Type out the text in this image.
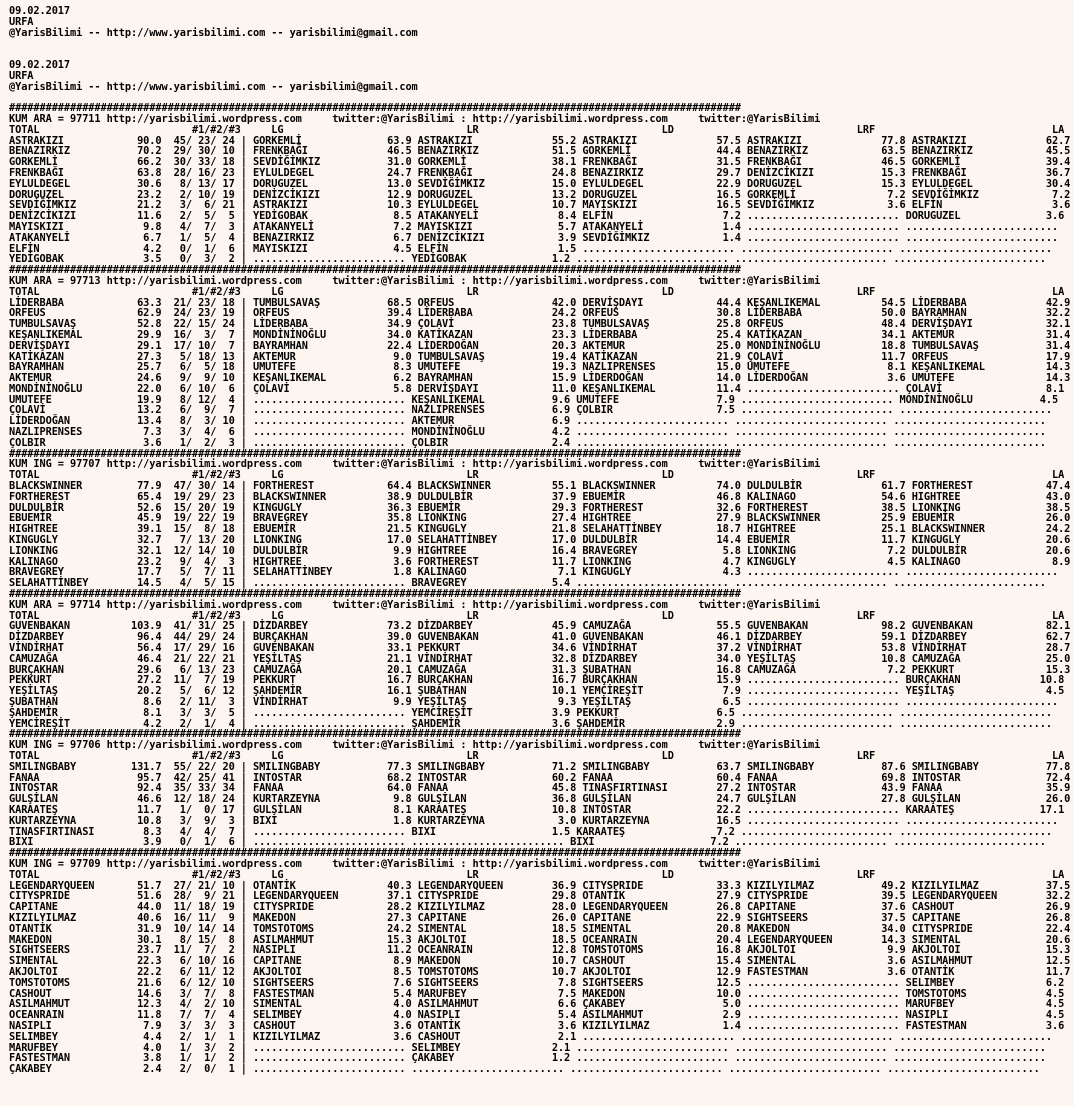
09.02.2017
URFA
@YarisBilimi -- http://www.yarisbilimi.com -- yarisbilimi@gmail.com
09.02.2017
URFA
@YarisBilimi -- http://www.yarisbilimi.com -- yarisbilimi@gmail.com
########################################################################################################################
KUM ARA = 97711 http://yarisbilimi.wordpress.com     twitter:@YarisBilimi : http://yarisbilimi.wordpress.com     twitter:@YarisBilimi
TOTAL                         #1/#2/#3     LG                              LR                              LD                              LRF                             LA
ASTRAKIZI            90.0  45/ 23/ 24 | GORKEMLİ              63.9 ASTRAKIZI             55.2 ASTRAKIZI             57.5 ASTRAKIZI             77.8 ASTRAKIZI             62.7
BENAZIRKIZ           70.2  29/ 30/ 10 | FRENKBAĞI             46.5 BENAZIRKIZ            51.5 GORKEMLİ              44.4 BENAZIRKIZ            63.5 BENAZIRKIZ            45.5
GORKEMLİ             66.2  30/ 33/ 18 | SEVDİĞİMKIZ           31.0 GORKEMLİ              38.1 FRENKBAĞI             31.5 FRENKBAĞI             46.5 GORKEMLİ              39.4
FRENKBAĞI            63.8  28/ 16/ 23 | EYLULDEGEL            24.7 FRENKBAĞI             24.8 BENAZIRKIZ            29.7 DENİZCİKIZI           15.3 FRENKBAĞI             36.7
EYLULDEGEL           30.6   8/ 13/ 17 | DORUGUZEL             13.0 SEVDİĞİMKIZ           15.0 EYLULDEGEL            22.9 DORUGUZEL             15.3 EYLULDEGEL            30.4
DORUGUZEL            23.2   2/ 10/ 19 | DENİZCİKIZI           12.9 DORUGUZEL             13.2 DORUGUZEL             16.5 GORKEMLİ               7.2 SEVDİĞİMKIZ            7.2
SEVDİĞİMKIZ          21.2   3/  6/ 21 | ASTRAKIZI             10.3 EYLULDEGEL            10.7 MAYISKIZI             16.5 SEVDİĞİMKIZ            3.6 ELFİN                  3.6
DENİZCİKIZI          11.6   2/  5/  5 | YEDİGOBAK              8.5 ATAKANYELİ             8.4 ELFİN                  7.2 ......................... DORUGUZEL              3.6
MAYISKIZI             9.8   4/  7/  3 | ATAKANYELİ             7.2 MAYISKIZI              5.7 ATAKANYELİ             1.4 ......................... .........................
ATAKANYELİ            6.7   1/  5/  4 | BENAZIRKIZ             6.7 DENİZCİKIZI            3.9 SEVDİĞİMKIZ            1.4 ......................... .........................
ELFİN                 4.2   0/  1/  6 | MAYISKIZI              4.5 ELFİN                  1.5 ......................... ......................... .........................
YEDİGOBAK             3.5   0/  3/  2 | ......................... YEDİGOBAK              1.2 ......................... ......................... .........................
########################################################################################################################
KUM ARA = 97713 http://yarisbilimi.wordpress.com     twitter:@YarisBilimi : http://yarisbilimi.wordpress.com     twitter:@YarisBilimi
TOTAL                         #1/#2/#3     LG                              LR                              LD                              LRF                             LA
LİDERBABA            63.3  21/ 23/ 18 | TUMBULSAVAŞ           68.5 ORFEUS                42.0 DERVİŞDAYI            44.4 KEŞANLIKEMAL          54.5 LİDERBABA             42.9
ORFEUS               62.9  24/ 23/ 19 | ORFEUS                39.4 LİDERBABA             24.2 ORFEUS                30.8 LİDERBABA             50.0 BAYRAMHAN             32.2
TUMBULSAVAŞ          52.8  22/ 15/ 24 | LİDERBABA             34.9 ÇOLAVİ                23.8 TUMBULSAVAŞ           25.8 ORFEUS                48.4 DERVİŞDAYI            32.1
KEŞANLIKEMAL         29.9  16/  3/  7 | MONDİNİNOĞLU          34.0 KATİKAZAN             23.3 LİDERBABA             25.4 KATİKAZAN             34.1 AKTEMUR               31.4
DERVİŞDAYI           29.1  17/ 10/  7 | BAYRAMHAN             22.4 LİDERDOĞAN            20.3 AKTEMUR               25.0 MONDİNİNOĞLU          18.8 TUMBULSAVAŞ           31.4
KATİKAZAN            27.3   5/ 18/ 13 | AKTEMUR                9.0 TUMBULSAVAŞ           19.4 KATİKAZAN             21.9 ÇOLAVİ                11.7 ORFEUS                17.9
BAYRAMHAN            25.7   6/  5/ 18 | UMUTEFE                8.3 UMUTEFE               19.3 NAZLIPRENSES          15.0 UMUTEFE                8.1 KEŞANLIKEMAL          14.3
AKTEMUR              24.6   9/  9/ 10 | KEŞANLIKEMAL           6.2 BAYRAMHAN             15.9 LİDERDOĞAN            14.0 LİDERDOĞAN             3.6 UMUTEFE               14.3
MONDİNİNOĞLU         22.0   6/ 10/  6 | ÇOLAVİ                 5.8 DERVİŞDAYI            11.0 KEŞANLIKEMAL          11.4 ......................... ÇOLAVİ                 8.1
UMUTEFE              19.9   8/ 12/  4 | ......................... KEŞANLIKEMAL           9.6 UMUTEFE                7.9 ......................... MONDİNİNOĞLU           4.5
ÇOLAVİ               13.2   6/  9/  7 | ......................... NAZLIPRENSES           6.9 ÇOLBIR                 7.5 ......................... .........................
LİDERDOĞAN           13.4   8/  3/ 10 | ......................... AKTEMUR                6.9 ......................... ......................... .........................
NAZLIPRENSES          7.3   3/  4/  6 | ......................... MONDİNİNOĞLU           4.2 ......................... ......................... .........................
ÇOLBIR                3.6   1/  2/  3 | ......................... ÇOLBIR                 2.4 ......................... ......................... .........................
########################################################################################################################
KUM ING = 97707 http://yarisbilimi.wordpress.com     twitter:@YarisBilimi : http://yarisbilimi.wordpress.com     twitter:@YarisBilimi
TOTAL                         #1/#2/#3     LG                              LR                              LD                              LRF                             LA
BLACKSWINNER         77.9  47/ 30/ 14 | FORTHEREST            64.4 BLACKSWINNER          55.1 BLACKSWINNER          74.0 DULDULBİR             61.7 FORTHEREST            47.4
FORTHEREST           65.4  19/ 29/ 23 | BLACKSWINNER          38.9 DULDULBİR             37.9 EBUEMİR               46.8 KALINAGO              54.6 HIGHTREE              43.0
DULDULBİR            52.6  15/ 20/ 19 | KINGUGLY              36.3 EBUEMİR               29.3 FORTHEREST            32.6 FORTHEREST            38.5 LIONKING              38.5
EBUEMİR              45.9  19/ 22/ 19 | BRAVEGREY             35.8 LIONKING              27.4 HIGHTREE              27.9 BLACKSWINNER          25.9 EBUEMİR               26.0
HIGHTREE             39.1  15/  8/ 18 | EBUEMİR               21.5 KINGUGLY              21.8 SELAHATTİNBEY         18.7 HIGHTREE              25.1 BLACKSWINNER          24.2
KINGUGLY             32.7   7/ 13/ 20 | LIONKING              17.0 SELAHATTİNBEY         17.0 DULDULBİR             14.4 EBUEMİR               11.7 KINGUGLY              20.6
LIONKING             32.1  12/ 14/ 10 | DULDULBİR              9.9 HIGHTREE              16.4 BRAVEGREY              5.8 LIONKING               7.2 DULDULBİR             20.6
KALINAGO             23.2   9/  4/  3 | HIGHTREE               3.6 FORTHEREST            11.7 LIONKING               4.7 KINGUGLY               4.5 KALINAGO               8.9
BRAVEGREY            17.7   5/  7/ 11 | SELAHATTİNBEY          1.8 KALINAGO               7.1 KINGUGLY               4.3 ......................... .........................
SELAHATTİNBEY        14.5   4/  5/ 15 | ......................... BRAVEGREY              5.4 ......................... ......................... .........................
########################################################################################################################
KUM ARA = 97714 http://yarisbilimi.wordpress.com     twitter:@YarisBilimi : http://yarisbilimi.wordpress.com     twitter:@YarisBilimi
TOTAL                         #1/#2/#3     LG                              LR                              LD                              LRF                             LA
GUVENBAKAN          103.9  41/ 31/ 25 | DİZDARBEY             73.2 DİZDARBEY             45.9 CAMUZAĞA              55.5 GUVENBAKAN            98.2 GUVENBAKAN            82.1
DİZDARBEY            96.4  44/ 29/ 24 | BURÇAKHAN             39.0 GUVENBAKAN            41.0 GUVENBAKAN            46.1 DİZDARBEY             59.1 DİZDARBEY             62.7
VİNDİRHAT            56.4  17/ 29/ 16 | GUVENBAKAN            33.1 PEKKURT               34.6 VİNDİRHAT             37.2 VİNDİRHAT             53.8 VİNDİRHAT             28.7
CAMUZAĞA             46.4  21/ 22/ 21 | YEŞİLTAŞ              21.1 VİNDİRHAT             32.8 DİZDARBEY             34.0 YEŞİLTAŞ              10.8 CAMUZAĞA              25.0
BURÇAKHAN            29.6   6/ 13/ 23 | CAMUZAĞA              20.1 CAMUZAĞA              31.3 ŞUBATHAN              16.8 CAMUZAĞA               7.2 PEKKURT               15.3
PEKKURT              27.2  11/  7/ 19 | PEKKURT               16.7 BURÇAKHAN             16.7 BURÇAKHAN             15.9 ......................... BURÇAKHAN             10.8
YEŞİLTAŞ             20.2   5/  6/ 12 | ŞAHDEMİR              16.1 ŞUBATHAN              10.1 YEMCİREŞİT             7.9 ......................... YEŞİLTAŞ               4.5
ŞUBATHAN              8.6   2/ 11/  3 | VİNDİRHAT              9.9 YEŞİLTAŞ               9.3 YEŞİLTAŞ               6.5 ......................... .........................
ŞAHDEMİR              8.1   3/  3/  5 | ......................... YEMCİREŞİT             3.9 PEKKURT                6.5 ......................... .........................
YEMCİREŞİT            4.2   2/  1/  4 | ......................... ŞAHDEMİR               3.6 ŞAHDEMİR               2.9 ......................... .........................
########################################################################################################################
KUM ING = 97706 http://yarisbilimi.wordpress.com     twitter:@YarisBilimi : http://yarisbilimi.wordpress.com     twitter:@YarisBilimi
TOTAL                         #1/#2/#3     LG                              LR                              LD                              LRF                             LA
SMILINGBABY         131.7  55/ 22/ 20 | SMILINGBABY           77.3 SMILINGBABY           71.2 SMILINGBABY           63.7 SMILINGBABY           87.6 SMILINGBABY           77.8
FANAA                95.7  42/ 25/ 41 | INTOSTAR              68.2 INTOSTAR              60.2 FANAA                 60.4 FANAA                 69.8 INTOSTAR              72.4
INTOSTAR             92.4  35/ 33/ 34 | FANAA                 64.0 FANAA                 45.8 TINASFIRTINASI        27.2 INTOSTAR              43.9 FANAA                 35.9
GULŞİLAN             46.6  12/ 18/ 24 | KURTARZEYNA            9.8 GULŞİLAN              36.8 GULŞİLAN              24.7 GULŞİLAN              27.8 GULŞİLAN              26.0
KARAATEŞ             11.7   1/  0/ 17 | GULŞİLAN               8.1 KARAATEŞ              10.8 INTOSTAR              22.2 ......................... KARAATEŞ              17.1
KURTARZEYNA          10.8   3/  9/  3 | BIXI                   1.8 KURTARZEYNA            3.0 KURTARZEYNA           16.5 ......................... .........................
TINASFIRTINASI        8.3   4/  4/  7 | ......................... BIXI                   1.5 KARAATEŞ               7.2 ......................... .........................
BIXI                  3.9   0/  1/  6 | ......................... ......................... BIXI                   7.2 ......................... .........................
########################################################################################################################
KUM ING = 97709 http://yarisbilimi.wordpress.com     twitter:@YarisBilimi : http://yarisbilimi.wordpress.com     twitter:@YarisBilimi
TOTAL                         #1/#2/#3     LG                              LR                              LD                              LRF                             LA
LEGENDARYQUEEN       51.7  27/ 21/ 10 | OTANTİK               40.3 LEGENDARYQUEEN        36.9 CITYSPRIDE            33.3 KIZILYILMAZ           49.2 KIZILYILMAZ           37.5
CITYSPRIDE           51.6  28/  9/ 21 | LEGENDARYQUEEN        37.1 CITYSPRIDE            29.8 OTANTİK               27.9 CITYSPRIDE            39.5 LEGENDARYQUEEN        32.2
CAPITANE             44.0  11/ 18/ 19 | CITYSPRIDE            28.2 KIZILYILMAZ           28.0 LEGENDARYQUEEN        26.8 CAPITANE              37.6 CASHOUT               26.9
KIZILYILMAZ          40.6  16/ 11/  9 | MAKEDON               27.3 CAPITANE              26.0 CAPITANE              22.9 SIGHTSEERS            37.5 CAPITANE              26.8
OTANTİK              31.9  10/ 14/ 14 | TOMSTOTOMS            24.2 SIMENTAL              18.5 SIMENTAL              20.8 MAKEDON               34.0 CITYSPRIDE            22.4
MAKEDON              30.1   8/ 15/  8 | ASILMAHMUT            15.3 AKJOLTOI              18.5 OCEANRAIN             20.4 LEGENDARYQUEEN        14.3 SIMENTAL              20.6
SIGHTSEERS           23.7  11/  7/  2 | NASIPLI               11.2 OCEANRAIN             12.8 TOMSTOTOMS            16.8 AKJOLTOI               9.9 AKJOLTOI              15.3
SIMENTAL             22.3   6/ 10/ 16 | CAPITANE               8.9 MAKEDON               10.7 CASHOUT               15.4 SIMENTAL               3.6 ASILMAHMUT            12.5
AKJOLTOI             22.2   6/ 11/ 12 | AKJOLTOI               8.5 TOMSTOTOMS            10.7 AKJOLTOI              12.9 FASTESTMAN             3.6 OTANTİK               11.7
TOMSTOTOMS           21.6   6/ 12/ 10 | SIGHTSEERS             7.6 SIGHTSEERS             7.8 SIGHTSEERS            12.5 ......................... SELIMBEY               6.2
CASHOUT              14.6   3/  7/  8 | FASTESTMAN             5.4 MARUFBEY               7.5 MAKEDON               10.0 ......................... TOMSTOTOMS             4.5
ASILMAHMUT           12.3   4/  2/ 10 | SIMENTAL               4.0 ASILMAHMUT             6.6 ÇAKABEY                5.0 ......................... MARUFBEY               4.5
OCEANRAIN            11.8   7/  7/  4 | SELIMBEY               4.0 NASIPLI                5.4 ASILMAHMUT             2.9 ......................... NASIPLI                4.5
NASIPLI               7.9   3/  3/  3 | CASHOUT                3.6 OTANTİK                3.6 KIZILYILMAZ            1.4 ......................... FASTESTMAN             3.6
SELIMBEY              4.4   2/  1/  1 | KIZILYILMAZ            3.6 CASHOUT                2.1 ......................... ......................... .........................
MARUFBEY              4.0   1/  3/  2 | ......................... SELIMBEY               2.1 ......................... ......................... .........................
FASTESTMAN            3.8   1/  1/  2 | ......................... ÇAKABEY                1.2 ......................... ......................... .........................
ÇAKABEY               2.4   2/  0/  1 | ......................... ......................... ......................... ......................... .........................
